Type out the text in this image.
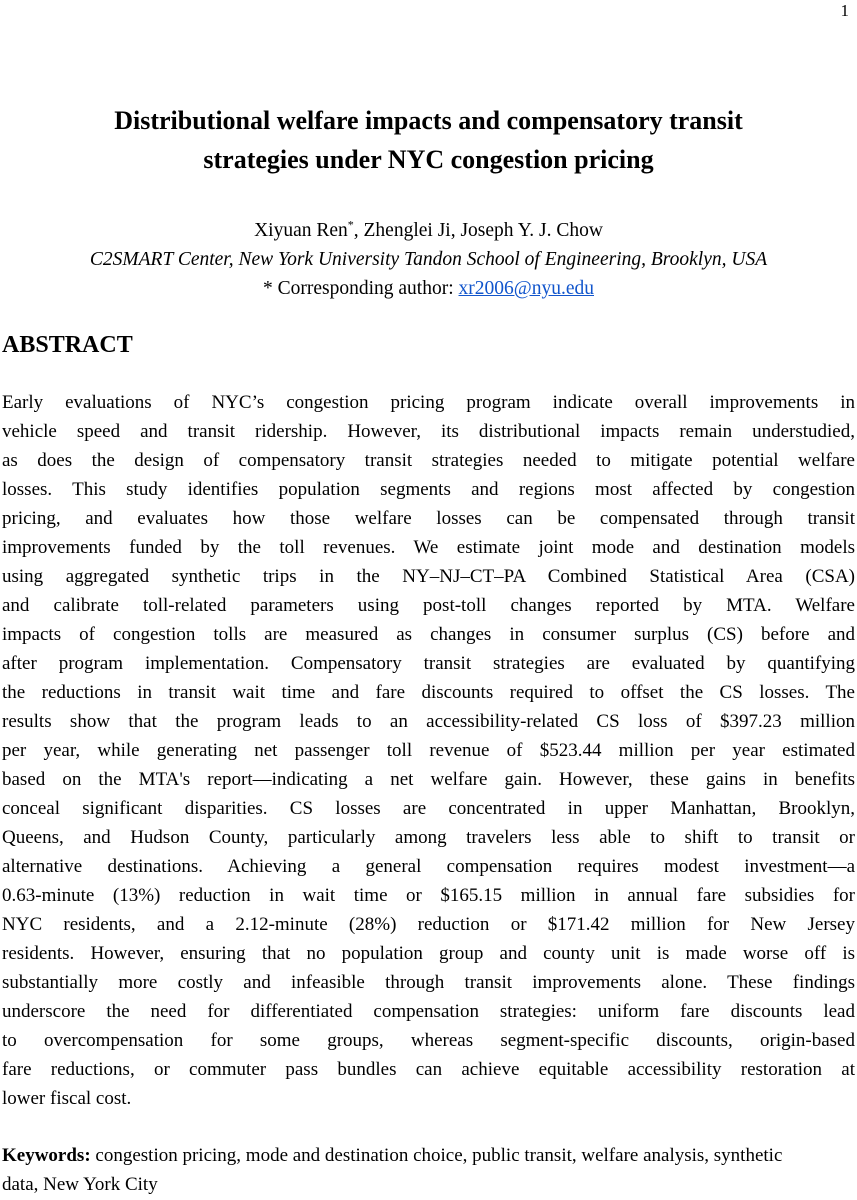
1
Distributional welfare impacts and compensatory transit
strategies under NYC congestion pricing
Xiyuan Ren*, Zhenglei Ji, Joseph Y. J. Chow
C2SMART Center, New York University Tandon School of Engineering, Brooklyn, USA
* Corresponding author: xr2006@nyu.edu
ABSTRACT
Early evaluations of NYC’s congestion pricing program indicate overall improvements in
vehicle speed and transit ridership. However, its distributional impacts remain understudied,
as does the design of compensatory transit strategies needed to mitigate potential welfare
losses. This study identifies population segments and regions most affected by congestion
pricing, and evaluates how those welfare losses can be compensated through transit
improvements funded by the toll revenues. We estimate joint mode and destination models
using aggregated synthetic trips in the NY–NJ–CT–PA Combined Statistical Area (CSA)
and calibrate toll-related parameters using post-toll changes reported by MTA. Welfare
impacts of congestion tolls are measured as changes in consumer surplus (CS) before and
after program implementation. Compensatory transit strategies are evaluated by quantifying
the reductions in transit wait time and fare discounts required to offset the CS losses. The
results show that the program leads to an accessibility-related CS loss of $397.23 million
per year, while generating net passenger toll revenue of $523.44 million per year estimated
based on the MTA's report—indicating a net welfare gain. However, these gains in benefits
conceal significant disparities. CS losses are concentrated in upper Manhattan, Brooklyn,
Queens, and Hudson County, particularly among travelers less able to shift to transit or
alternative destinations. Achieving a general compensation requires modest investment—a
0.63-minute (13%) reduction in wait time or $165.15 million in annual fare subsidies for
NYC residents, and a 2.12-minute (28%) reduction or $171.42 million for New Jersey
residents. However, ensuring that no population group and county unit is made worse off is
substantially more costly and infeasible through transit improvements alone. These findings
underscore the need for differentiated compensation strategies: uniform fare discounts lead
to overcompensation for some groups, whereas segment-specific discounts, origin-based
fare reductions, or commuter pass bundles can achieve equitable accessibility restoration at
lower fiscal cost.
Keywords: congestion pricing, mode and destination choice, public transit, welfare analysis, synthetic data, New York City
